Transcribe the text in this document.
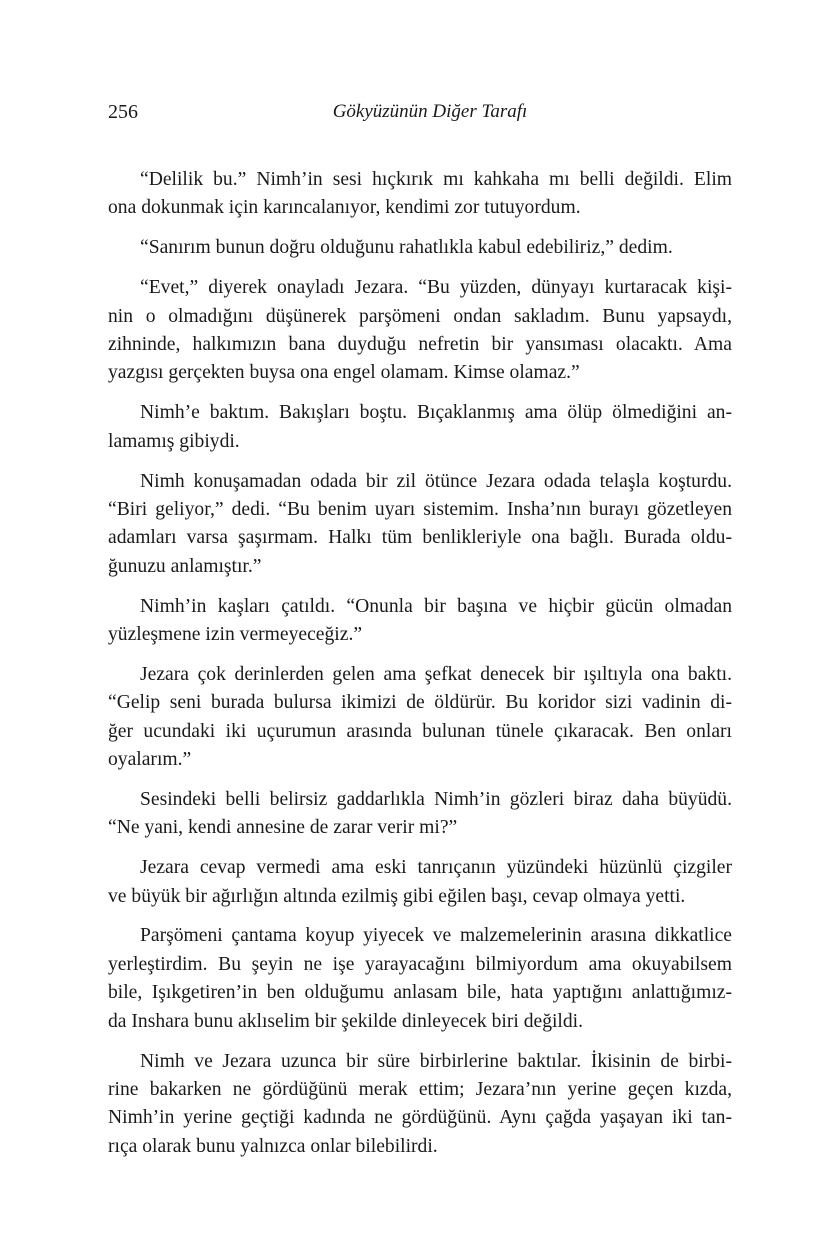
256	Gökyüzünün Diğer Tarafı
“Delilik bu.” Nimh’in sesi hıçkırık mı kahkaha mı belli değildi. Elim
ona dokunmak için karıncalanıyor, kendimi zor tutuyordum.
“Sanırım bunun doğru olduğunu rahatlıkla kabul edebiliriz,” dedim.
“Evet,” diyerek onayladı Jezara. “Bu yüzden, dünyayı kurtaracak kişi-
nin o olmadığını düşünerek parşömeni ondan sakladım. Bunu yapsaydı,
zihninde, halkımızın bana duyduğu nefretin bir yansıması olacaktı. Ama
yazgısı gerçekten buysa ona engel olamam. Kimse olamaz.”
Nimh’e baktım. Bakışları boştu. Bıçaklanmış ama ölüp ölmediğini an-
lamamış gibiydi.
Nimh konuşamadan odada bir zil ötünce Jezara odada telaşla koşturdu.
“Biri geliyor,” dedi. “Bu benim uyarı sistemim. Insha’nın burayı gözetleyen
adamları varsa şaşırmam. Halkı tüm benlikleriyle ona bağlı. Burada oldu-
ğunuzu anlamıştır.”
Nimh’in kaşları çatıldı. “Onunla bir başına ve hiçbir gücün olmadan
yüzleşmene izin vermeyeceğiz.”
Jezara çok derinlerden gelen ama şefkat denecek bir ışıltıyla ona baktı.
“Gelip seni burada bulursa ikimizi de öldürür. Bu koridor sizi vadinin di-
ğer ucundaki iki uçurumun arasında bulunan tünele çıkaracak. Ben onları
oyalarım.”
Sesindeki belli belirsiz gaddarlıkla Nimh’in gözleri biraz daha büyüdü.
“Ne yani, kendi annesine de zarar verir mi?”
Jezara cevap vermedi ama eski tanrıçanın yüzündeki hüzünlü çizgiler
ve büyük bir ağırlığın altında ezilmiş gibi eğilen başı, cevap olmaya yetti.
Parşömeni çantama koyup yiyecek ve malzemelerinin arasına dikkatlice
yerleştirdim. Bu şeyin ne işe yarayacağını bilmiyordum ama okuyabilsem
bile, Işıkgetiren’in ben olduğumu anlasam bile, hata yaptığını anlattığımız-
da Inshara bunu aklıselim bir şekilde dinleyecek biri değildi.
Nimh ve Jezara uzunca bir süre birbirlerine baktılar. İkisinin de birbi-
rine bakarken ne gördüğünü merak ettim; Jezara’nın yerine geçen kızda,
Nimh’in yerine geçtiği kadında ne gördüğünü. Aynı çağda yaşayan iki tan-
rıça olarak bunu yalnızca onlar bilebilirdi.
